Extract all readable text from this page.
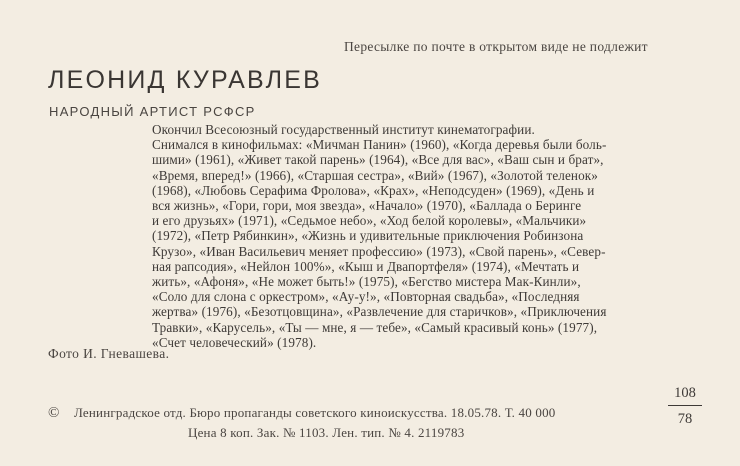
Пересылке по почте в открытом виде не подлежит
ЛЕОНИД КУРАВЛЕВ
НАРОДНЫЙ АРТИСТ РСФСР
Окончил Всесоюзный государственный институт кинематографии.
Снимался в кинофильмах: «Мичман Панин» (1960), «Когда деревья были боль-
шими» (1961), «Живет такой парень» (1964), «Все для вас», «Ваш сын и брат»,
«Время, вперед!» (1966), «Старшая сестра», «Вий» (1967), «Золотой теленок»
(1968), «Любовь Серафима Фролова», «Крах», «Неподсуден» (1969), «День и
вся жизнь», «Гори, гори, моя звезда», «Начало» (1970), «Баллада о Беринге
и его друзьях» (1971), «Седьмое небо», «Ход белой королевы», «Мальчики»
(1972), «Петр Рябинкин», «Жизнь и удивительные приключения Робинзона
Крузо», «Иван Васильевич меняет профессию» (1973), «Свой парень», «Север-
ная рапсодия», «Нейлон 100%», «Кыш и Двапортфеля» (1974), «Мечтать и
жить», «Афоня», «Не может быть!» (1975), «Бегство мистера Мак-Кинли»,
«Соло для слона с оркестром», «Ау-у!», «Повторная свадьба», «Последняя
жертва» (1976), «Безотцовщина», «Развлечение для старичков», «Приключения
Травки», «Карусель», «Ты — мне, я — тебе», «Самый красивый конь» (1977),
«Счет человеческий» (1978).
Фото И. Гневашева.
© Ленинградское отд. Бюро пропаганды советского киноискусства. 18.05.78. Т. 40 000
Цена 8 коп. Зак. № 1103. Лен. тип. № 4. 2119783
108
78
